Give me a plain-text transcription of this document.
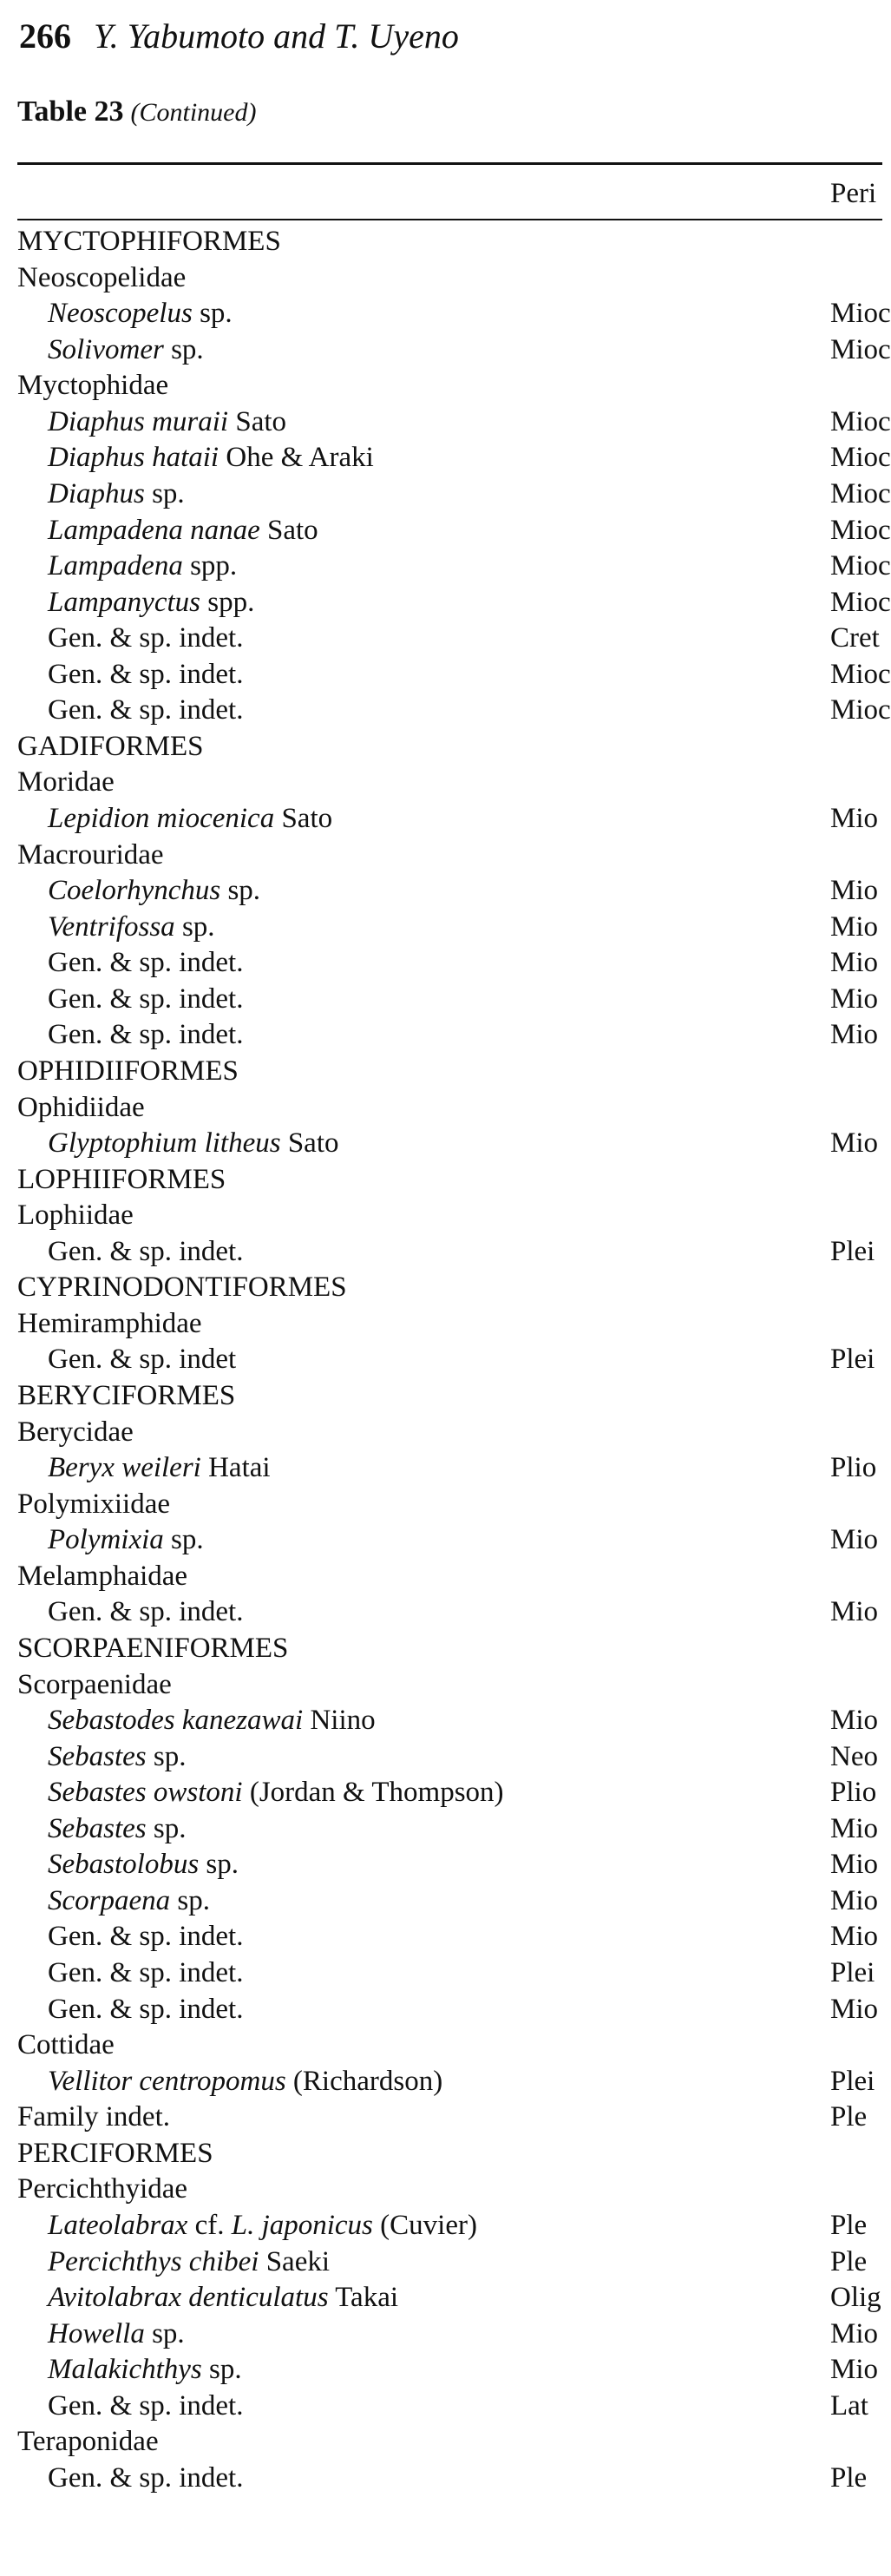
266 Y. Yabumoto and T. Uyeno
Table 23 (Continued)
Peri
MYCTOPHIFORMES
Neoscopelidae
Neoscopelus sp.	Mioc
Solivomer sp.	Mioc
Myctophidae
Diaphus muraii Sato	Mioc
Diaphus hataii Ohe & Araki	Mioc
Diaphus sp.	Mioc
Lampadena nanae Sato	Mioc
Lampadena spp.	Mioc
Lampanyctus spp.	Mioc
Gen. & sp. indet.	Cret
Gen. & sp. indet.	Mioc
Gen. & sp. indet.	Mioc
GADIFORMES
Moridae
Lepidion miocenica Sato	Mio
Macrouridae
Coelorhynchus sp.	Mio
Ventrifossa sp.	Mio
Gen. & sp. indet.	Mio
Gen. & sp. indet.	Mio
Gen. & sp. indet.	Mio
OPHIDIIFORMES
Ophidiidae
Glyptophium litheus Sato	Mio
LOPHIIFORMES
Lophiidae
Gen. & sp. indet.	Plei
CYPRINODONTIFORMES
Hemiramphidae
Gen. & sp. indet	Plei
BERYCIFORMES
Berycidae
Beryx weileri Hatai	Plio
Polymixiidae
Polymixia sp.	Mio
Melamphaidae
Gen. & sp. indet.	Mio
SCORPAENIFORMES
Scorpaenidae
Sebastodes kanezawai Niino	Mio
Sebastes sp.	Neo
Sebastes owstoni (Jordan & Thompson)	Plio
Sebastes sp.	Mio
Sebastolobus sp.	Mio
Scorpaena sp.	Mio
Gen. & sp. indet.	Mio
Gen. & sp. indet.	Plei
Gen. & sp. indet.	Mio
Cottidae
Vellitor centropomus (Richardson)	Plei
Family indet.	Ple
PERCIFORMES
Percichthyidae
Lateolabrax cf. L. japonicus (Cuvier)	Ple
Percichthys chibei Saeki	Ple
Avitolabrax denticulatus Takai	Olig
Howella sp.	Mio
Malakichthys sp.	Mio
Gen. & sp. indet.	Lat
Teraponidae
Gen. & sp. indet.	Ple
